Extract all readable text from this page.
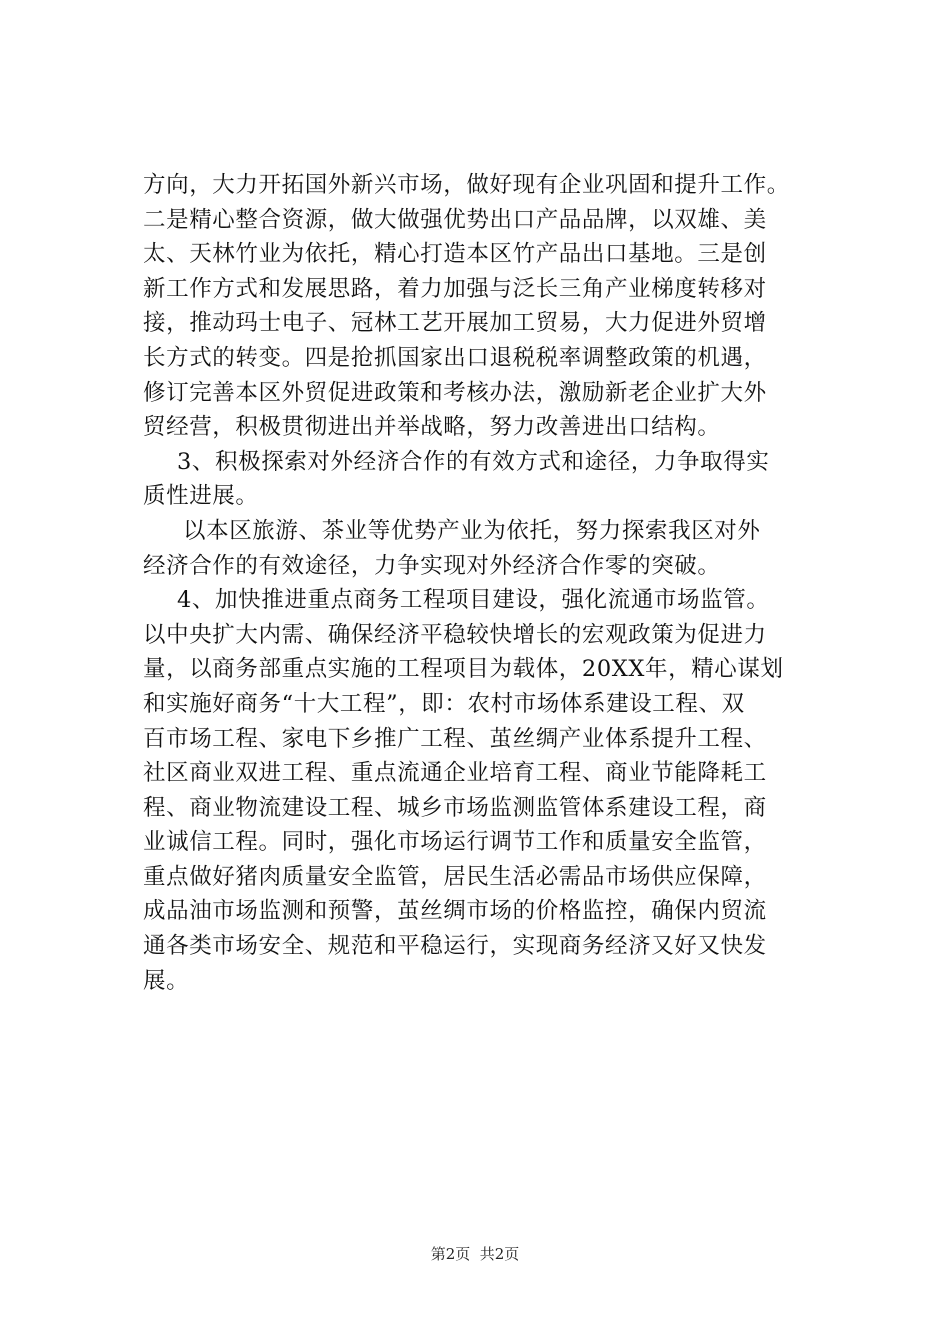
方向，大力开拓国外新兴市场，做好现有企业巩固和提升工作。
二是精心整合资源，做大做强优势出口产品品牌，以双雄、美
太、天林竹业为依托，精心打造本区竹产品出口基地。三是创
新工作方式和发展思路，着力加强与泛长三角产业梯度转移对
接，推动玛士电子、冠林工艺开展加工贸易，大力促进外贸增
长方式的转变。四是抢抓国家出口退税税率调整政策的机遇，
修订完善本区外贸促进政策和考核办法，激励新老企业扩大外
贸经营，积极贯彻进出并举战略，努力改善进出口结构。
3、积极探索对外经济合作的有效方式和途径，力争取得实
质性进展。
以本区旅游、茶业等优势产业为依托，努力探索我区对外
经济合作的有效途径，力争实现对外经济合作零的突破。
4、加快推进重点商务工程项目建设，强化流通市场监管。
以中央扩大内需、确保经济平稳较快增长的宏观政策为促进力
量，以商务部重点实施的工程项目为载体，20XX年，精心谋划
和实施好商务“十大工程”，即：农村市场体系建设工程、双
百市场工程、家电下乡推广工程、茧丝绸产业体系提升工程、
社区商业双进工程、重点流通企业培育工程、商业节能降耗工
程、商业物流建设工程、城乡市场监测监管体系建设工程，商
业诚信工程。同时，强化市场运行调节工作和质量安全监管，
重点做好猪肉质量安全监管，居民生活必需品市场供应保障，
成品油市场监测和预警，茧丝绸市场的价格监控，确保内贸流
通各类市场安全、规范和平稳运行，实现商务经济又好又快发
展。
第2页  共2页
